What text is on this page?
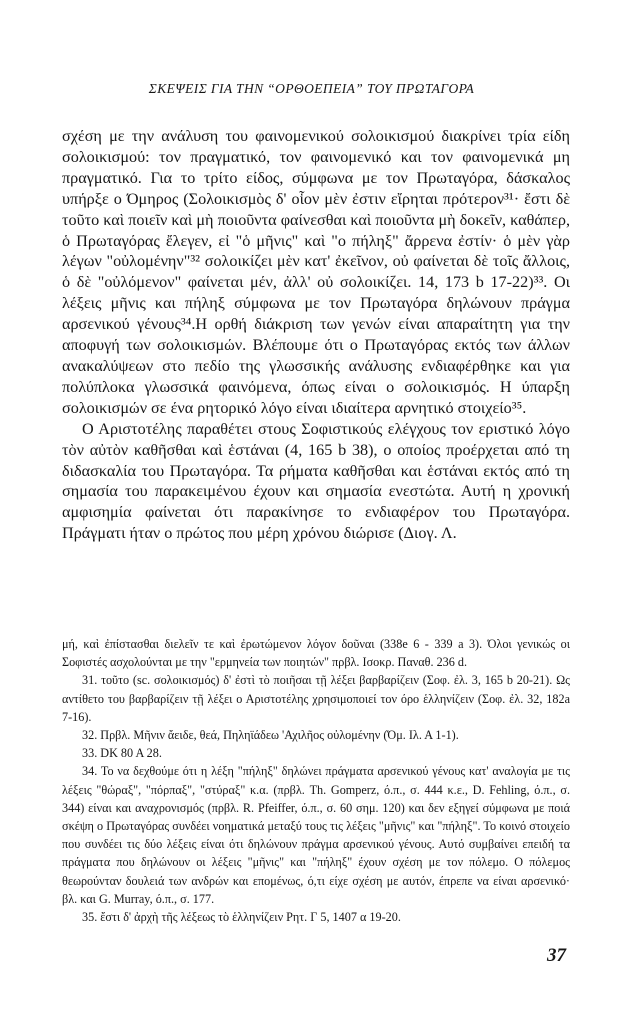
ΣΚΕΨΕΙΣ ΓΙΑ ΤΗΝ “ΟΡΘΟΕΠΕΙΑ” ΤΟΥ ΠΡΩΤΑΓΟΡΑ

σχέση με την ανάλυση του φαινομενικού σολοικισμού διακρίνει τρία είδη σολοικισμού: τον πραγματικό, τον φαινομενικό και τον φαινομενικά μη πραγματικό. Για το τρίτο είδος, σύμφωνα με τον Πρωταγόρα, δάσκαλος υπήρξε ο Όμηρος (Σολοικισμὸς δ' οἷον μὲν ἐστιν εἴρηται πρότερον³¹· ἔστι δὲ τοῦτο καὶ ποιεῖν καὶ μὴ ποιοῦντα φαίνεσθαι καὶ ποιοῦντα μὴ δοκεῖν, καθάπερ, ὁ Πρωταγόρας ἔλεγεν, εἰ "ὁ μῆνις" καὶ "ο πήληξ" ἄρρενα ἐστίν· ὁ μὲν γὰρ λέγων "οὐλομένην"³² σολοικίζει μὲν κατ' ἐκεῖνον, οὐ φαίνεται δὲ τοῖς ἄλλοις, ὁ δὲ "οὐλόμενον" φαίνεται μέν, ἀλλ' οὐ σολοικίζει. 14, 173 b 17-22)³³. Οι λέξεις μῆνις και πήληξ σύμφωνα με τον Πρωταγόρα δηλώνουν πράγμα αρσενικού γένους³⁴.Η ορθή διάκριση των γενών είναι απαραίτητη για την αποφυγή των σολοικισμών. Βλέπουμε ότι ο Πρωταγόρας εκτός των άλλων ανακαλύψεων στο πεδίο της γλωσσικής ανάλυσης ενδιαφέρθηκε και για πολύπλοκα γλωσσικά φαινόμενα, όπως είναι ο σολοικισμός. Η ύπαρξη σολοικισμών σε ένα ρητορικό λόγο είναι ιδιαίτερα αρνητικό στοιχείο³⁵.

Ο Αριστοτέλης παραθέτει στους Σοφιστικούς ελέγχους τον εριστικό λόγο τὸν αὐτὸν καθῆσθαι καὶ ἑστάναι (4, 165 b 38), ο οποίος προέρχεται από τη διδασκαλία του Πρωταγόρα. Τα ρήματα καθῆσθαι και ἑστάναι εκτός από τη σημασία του παρακειμένου έχουν και σημασία ενεστώτα. Αυτή η χρονική αμφισημία φαίνεται ότι παρακίνησε το ενδιαφέρον του Πρωταγόρα. Πράγματι ήταν ο πρώτος που μέρη χρόνου διώρισε (Διογ. Λ.

μή, καὶ ἐπίστασθαι διελεῖν τε καὶ ἐρωτώμενον λόγον δοῦναι (338e 6 - 339 a 3). Όλοι γενικώς οι Σοφιστές ασχολούνται με την "ερμηνεία των ποιητών" πρβλ. Ισοκρ. Παναθ. 236 d.

31. τοῦτο (sc. σολοικισμός) δ' ἐστὶ τὸ ποιῆσαι τῇ λέξει βαρβαρίζειν (Σοφ. ἐλ. 3, 165 b 20-21). Ως αντίθετο του βαρβαρίζειν τῇ λέξει ο Αριστοτέλης χρησιμοποιεί τον όρο ἑλληνίζειν (Σοφ. ἐλ. 32, 182a 7-16).

32. Πρβλ. Μῆνιν ἄειδε, θεά, Πηληϊάδεω 'Αχιλῆος οὐλομένην (Όμ. Ιλ. Α 1-1).

33. DK 80 A 28.

34. Το να δεχθούμε ότι η λέξη "πήληξ" δηλώνει πράγματα αρσενικού γένους κατ' αναλογία με τις λέξεις "θώραξ", "πόρπαξ", "στύραξ" κ.α. (πρβλ. Th. Gomperz, ό.π., σ. 444 κ.ε., D. Fehling, ό.π., σ. 344) είναι και αναχρονισμός (πρβλ. R. Pfeiffer, ό.π., σ. 60 σημ. 120) και δεν εξηγεί σύμφωνα με ποιά σκέψη ο Πρωταγόρας συνδέει νοηματικά μεταξύ τους τις λέξεις "μῆνις" και "πήληξ". Το κοινό στοιχείο που συνδέει τις δύο λέξεις είναι ότι δηλώνουν πράγμα αρσενικού γένους. Αυτό συμβαίνει επειδή τα πράγματα που δηλώνουν οι λέξεις "μῆνις" και "πήληξ" έχουν σχέση με τον πόλεμο. Ο πόλεμος θεωρούνταν δουλειά των ανδρών και επομένως, ό,τι είχε σχέση με αυτόν, έπρεπε να είναι αρσενικό· βλ. και G. Murray, ό.π., σ. 177.

35. ἔστι δ' ἀρχὴ τῆς λέξεως τὸ ἑλληνίζειν Ρητ. Γ 5, 1407 α 19-20.

37
